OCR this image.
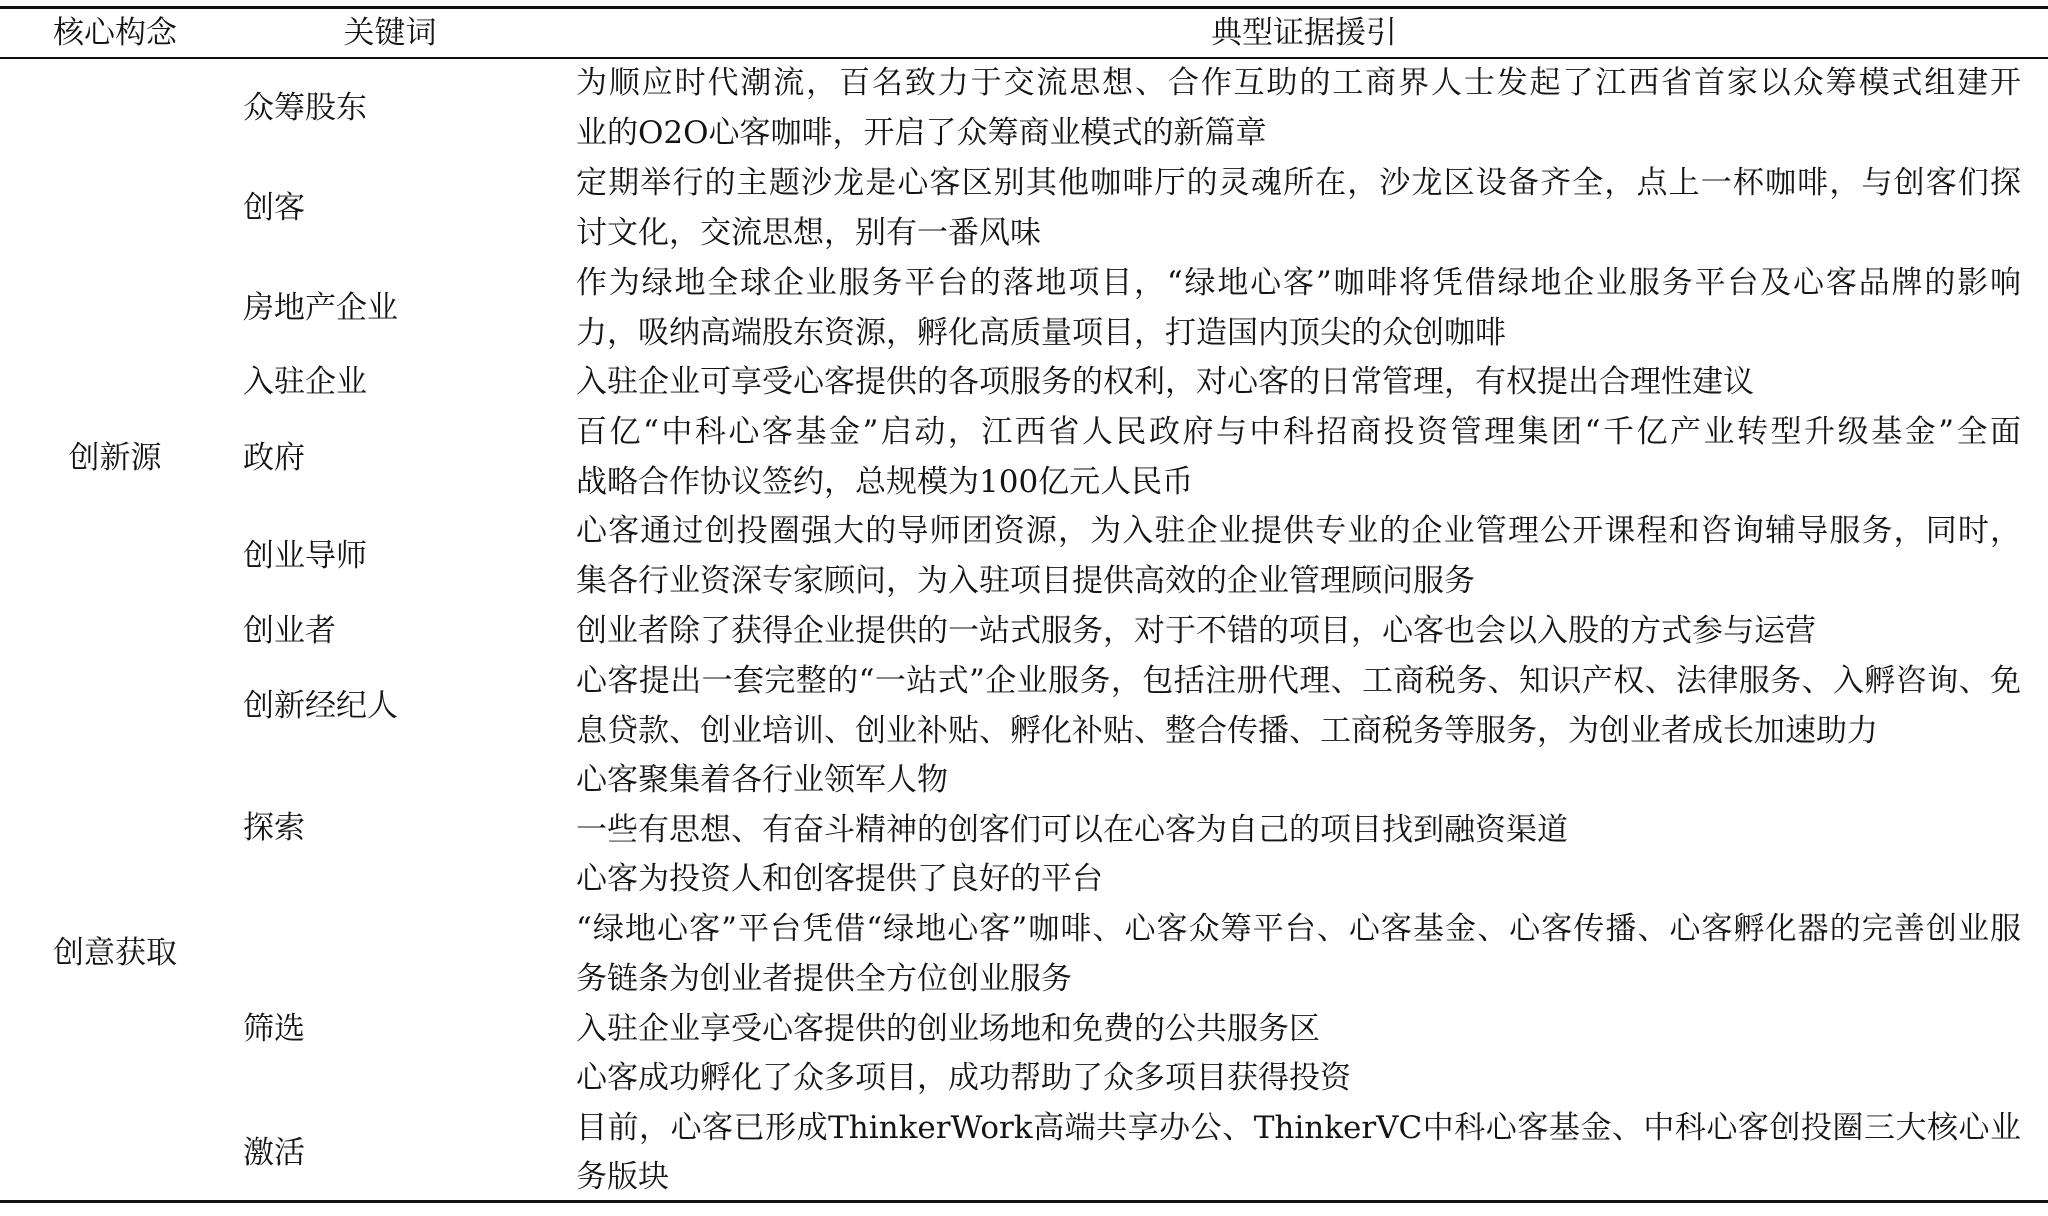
核心构念	关键词	典型证据援引
创新源
创意获取
众筹股东
创客
房地产企业
入驻企业
政府
创业导师
创业者
创新经纪人
探索
筛选
激活
为顺应时代潮流，百名致力于交流思想、合作互助的工商界人士发起了江西省首家以众筹模式组建开
业的O2O心客咖啡，开启了众筹商业模式的新篇章
定期举行的主题沙龙是心客区别其他咖啡厅的灵魂所在，沙龙区设备齐全，点上一杯咖啡，与创客们探
讨文化，交流思想，别有一番风味
作为绿地全球企业服务平台的落地项目，“绿地心客”咖啡将凭借绿地企业服务平台及心客品牌的影响
力，吸纳高端股东资源，孵化高质量项目，打造国内顶尖的众创咖啡
入驻企业可享受心客提供的各项服务的权利，对心客的日常管理，有权提出合理性建议
百亿“中科心客基金”启动，江西省人民政府与中科招商投资管理集团“千亿产业转型升级基金”全面
战略合作协议签约，总规模为100亿元人民币
心客通过创投圈强大的导师团资源，为入驻企业提供专业的企业管理公开课程和咨询辅导服务，同时，
集各行业资深专家顾问，为入驻项目提供高效的企业管理顾问服务
创业者除了获得企业提供的一站式服务，对于不错的项目，心客也会以入股的方式参与运营
心客提出一套完整的“一站式”企业服务，包括注册代理、工商税务、知识产权、法律服务、入孵咨询、免
息贷款、创业培训、创业补贴、孵化补贴、整合传播、工商税务等服务，为创业者成长加速助力
心客聚集着各行业领军人物
一些有思想、有奋斗精神的创客们可以在心客为自己的项目找到融资渠道
心客为投资人和创客提供了良好的平台
“绿地心客”平台凭借“绿地心客”咖啡、心客众筹平台、心客基金、心客传播、心客孵化器的完善创业服
务链条为创业者提供全方位创业服务
入驻企业享受心客提供的创业场地和免费的公共服务区
心客成功孵化了众多项目，成功帮助了众多项目获得投资
目前，心客已形成ThinkerWork高端共享办公、ThinkerVC中科心客基金、中科心客创投圈三大核心业
务版块
